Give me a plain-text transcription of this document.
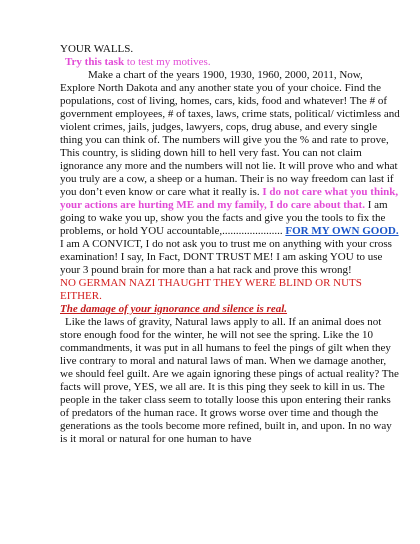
YOUR WALLS.
Try this task to test my motives.
Make a chart of the years 1900, 1930, 1960, 2000, 2011, Now, Explore North Dakota and any another state you of your choice. Find the populations, cost of living, homes, cars, kids, food and whatever! The # of government employees, # of taxes, laws, crime stats, political/ victimless and violent crimes, jails, judges, lawyers, cops, drug abuse, and every single thing you can think of. The numbers will give you the % and rate to prove, This country, is sliding down hill to hell very fast. You can not claim ignorance any more and the numbers will not lie. It will prove who and what you truly are a cow, a sheep or a human. Their is no way freedom can last if you don’t even know or care what it really is. I do not care what you think, your actions are hurting ME and my family, I do care about that. I am going to wake you up, show you the facts and give you the tools to fix the problems, or hold YOU accountable,...................... FOR MY OWN GOOD. I am A CONVICT, I do not ask you to trust me on anything with your cross examination! I say, In Fact, DONT TRUST ME! I am asking YOU to use your 3 pound brain for more than a hat rack and prove this wrong!
NO GERMAN NAZI THAUGHT THEY WERE BLIND OR NUTS EITHER.
The damage of your ignorance and silence is real.
Like the laws of gravity, Natural laws apply to all. If an animal does not store enough food for the winter, he will not see the spring. Like the 10 commandments, it was put in all humans to feel the pings of gilt when they live contrary to moral and natural laws of man. When we damage another, we should feel guilt. Are we again ignoring these pings of actual reality? The facts will prove, YES, we all are. It is this ping they seek to kill in us. The people in the taker class seem to totally loose this upon entering their ranks of predators of the human race. It grows worse over time and though the generations as the tools become more refined, built in, and upon. In no way is it moral or natural for one human to have
